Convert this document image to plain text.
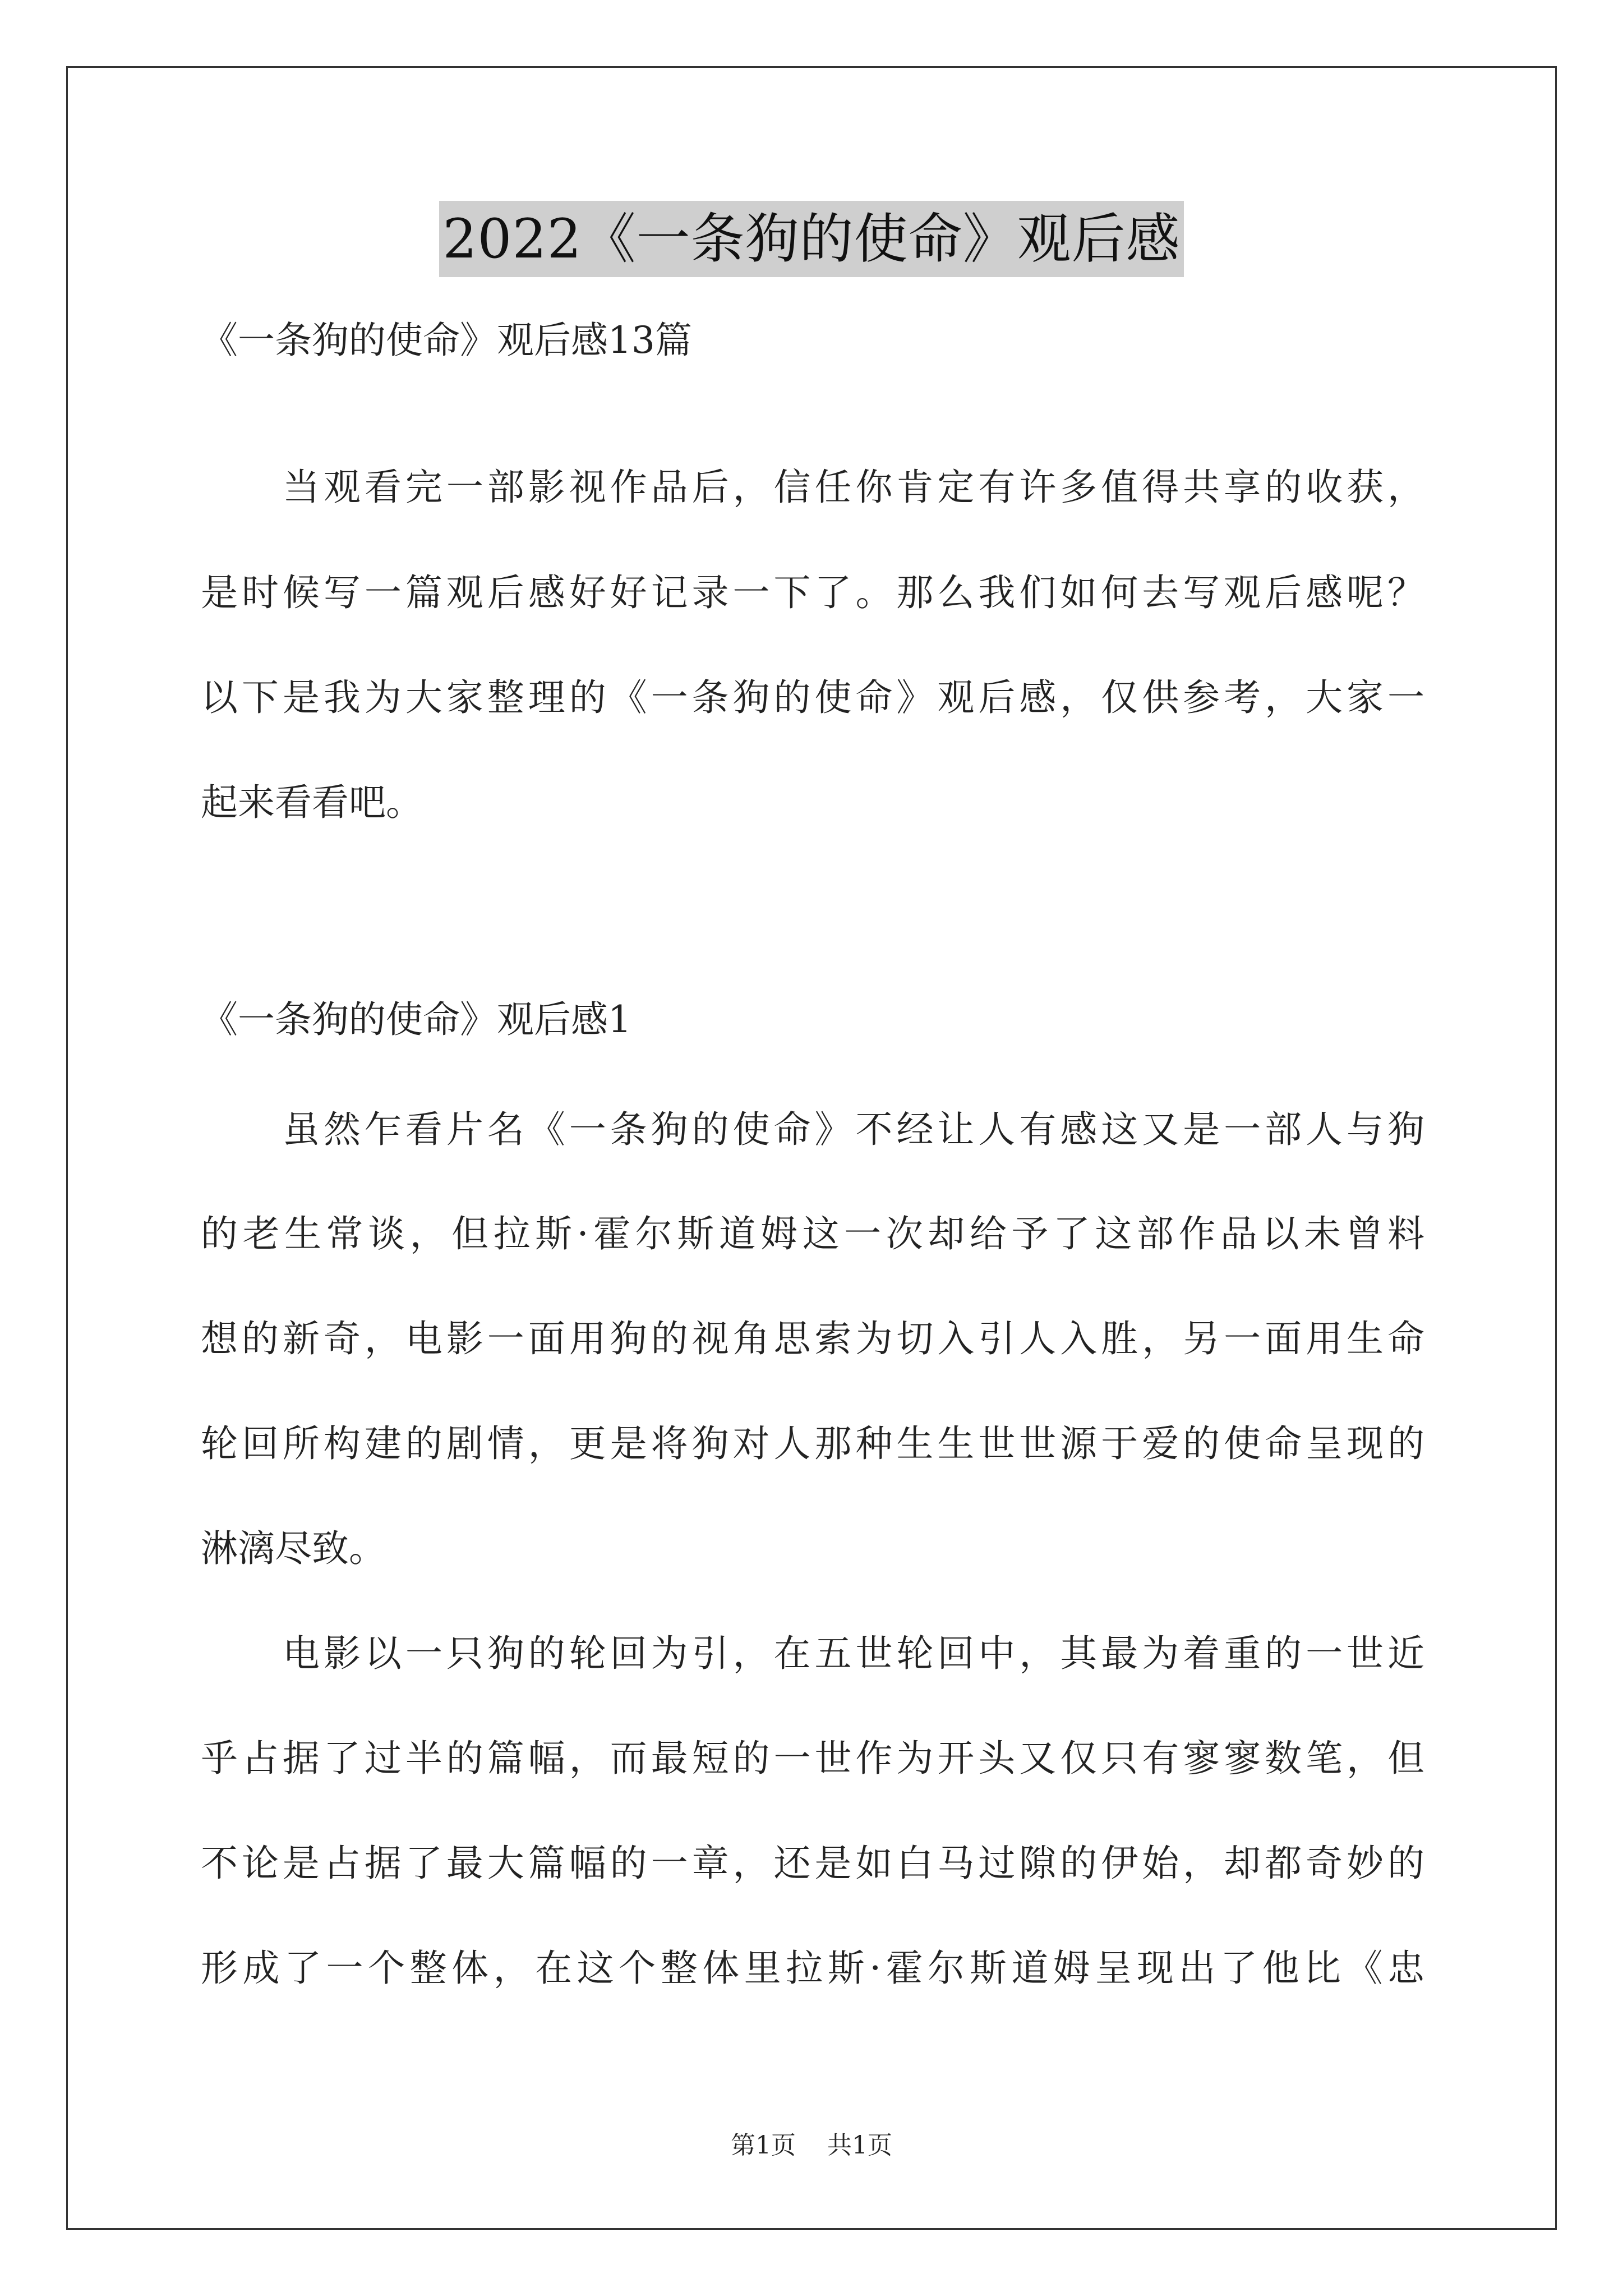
2022《一条狗的使命》观后感
《一条狗的使命》观后感13篇
当观看完一部影视作品后，信任你肯定有许多值得共享的收获，
是时候写一篇观后感好好记录一下了。那么我们如何去写观后感呢？
以下是我为大家整理的《一条狗的使命》观后感，仅供参考，大家一
起来看看吧。
《一条狗的使命》观后感1
虽然乍看片名《一条狗的使命》不经让人有感这又是一部人与狗
的老生常谈，但拉斯·霍尔斯道姆这一次却给予了这部作品以未曾料
想的新奇，电影一面用狗的视角思索为切入引人入胜，另一面用生命
轮回所构建的剧情，更是将狗对人那种生生世世源于爱的使命呈现的
淋漓尽致。
电影以一只狗的轮回为引，在五世轮回中，其最为着重的一世近
乎占据了过半的篇幅，而最短的一世作为开头又仅只有寥寥数笔，但
不论是占据了最大篇幅的一章，还是如白马过隙的伊始，却都奇妙的
形成了一个整体，在这个整体里拉斯·霍尔斯道姆呈现出了他比《忠
第1页 共1页
